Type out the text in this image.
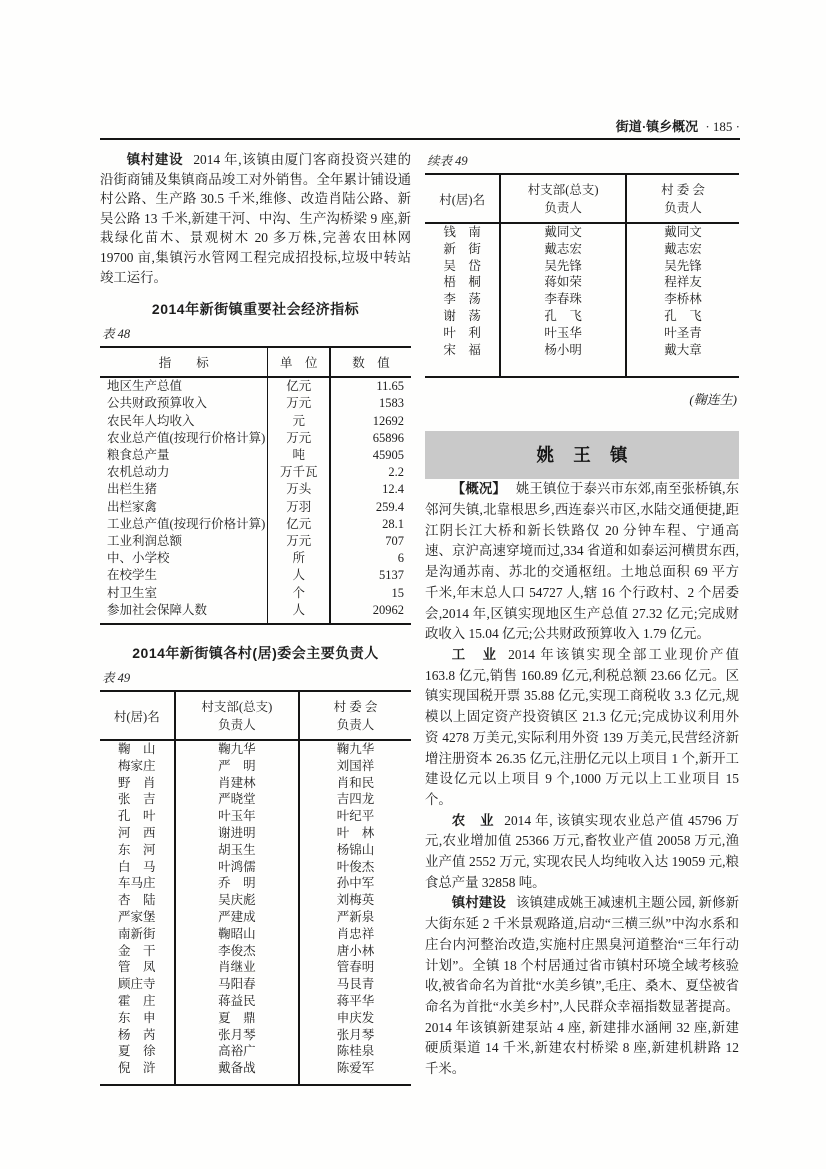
街道·镇乡概况 · 185 ·

镇村建设 2014 年,该镇由厦门客商投资兴建的沿街商铺及集镇商品竣工对外销售。全年累计铺设通村公路、生产路 30.5 千米,维修、改造肖陆公路、新吴公路 13 千米,新建干河、中沟、生产沟桥梁 9 座,新栽绿化苗木、景观树木 20 多万株,完善农田林网 19700 亩,集镇污水管网工程完成招投标,垃圾中转站竣工运行。

2014年新街镇重要社会经济指标
表 48
指　　标	单　位	数　值
地区生产总值	亿元	11.65
公共财政预算收入	万元	1583
农民年人均收入	元	12692
农业总产值(按现行价格计算)	万元	65896
粮食总产量	吨	45905
农机总动力	万千瓦	2.2
出栏生猪	万头	12.4
出栏家禽	万羽	259.4
工业总产值(按现行价格计算)	亿元	28.1
工业利润总额	万元	707
中、小学校	所	6
在校学生	人	5137
村卫生室	个	15
参加社会保障人数	人	20962
2014年新街镇各村(居)委会主要负责人
表 49
村(居)名	
村支部(总支)
负责人

村 委 会
负责人

鞠　山	鞠九华	鞠九华
梅家庄	严　明	刘国祥
野　肖	肖建林	肖和民
张　吉	严晓堂	吉四龙
孔　叶	叶玉年	叶纪平
河　西	谢进明	叶　林
东　河	胡玉生	杨锦山
白　马	叶鸿儒	叶俊杰
车马庄	乔　明	孙中军
杏　陆	吴庆彪	刘梅英
严家堡	严建成	严新泉
南新街	鞠昭山	肖忠祥
金　干	李俊杰	唐小林
管　凤	肖继业	管春明
顾庄寺	马阳春	马艮青
霍　庄	蒋益民	蒋平华
东　申	夏　鼎	申庆发
杨　芮	张月琴	张月琴
夏　徐	高裕广	陈桂泉
倪　浒	戴备战	陈爱军
续表 49
村(居)名	
村支部(总支)
负责人

村 委 会
负责人

钱　南	戴同文	戴同文
新　街	戴志宏	戴志宏
吴　岱	吴先锋	吴先锋
梧　桐	蒋如荣	程祥友
李　荡	李春珠	李桥林
谢　荡	孔　飞	孔　飞
叶　利	叶玉华	叶圣青
宋　福	杨小明	戴大章
(鞠连生)
姚王镇

【概况】 姚王镇位于泰兴市东郊,南至张桥镇,东邻河失镇,北靠根思乡,西连泰兴市区,水陆交通便捷,距江阴长江大桥和新长铁路仅 20 分钟车程、宁通高速、京沪高速穿境而过,334 省道和如泰运河横贯东西,是沟通苏南、苏北的交通枢纽。土地总面积 69 平方千米,年末总人口 54727 人,辖 16 个行政村、2 个居委会,2014 年,区镇实现地区生产总值 27.32 亿元;完成财政收入 15.04 亿元;公共财政预算收入 1.79 亿元。

工　业 2014 年该镇实现全部工业现价产值 163.8 亿元,销售 160.89 亿元,利税总额 23.66 亿元。区镇实现国税开票 35.88 亿元,实现工商税收 3.3 亿元,规模以上固定资产投资镇区 21.3 亿元;完成协议利用外资 4278 万美元,实际利用外资 139 万美元,民营经济新增注册资本 26.35 亿元,注册亿元以上项目 1 个,新开工建设亿元以上项目 9 个,1000 万元以上工业项目 15 个。

农　业 2014 年, 该镇实现农业总产值 45796 万元,农业增加值 25366 万元,畜牧业产值 20058 万元,渔业产值 2552 万元, 实现农民人均纯收入达 19059 元,粮食总产量 32858 吨。

镇村建设 该镇建成姚王减速机主题公园, 新修新大街东延 2 千米景观路道,启动“三横三纵”中沟水系和庄台内河整治改造,实施村庄黑臭河道整治“三年行动计划”。全镇 18 个村居通过省市镇村环境全域考核验收,被省命名为首批“水美乡镇”,毛庄、桑木、夏垈被省命名为首批“水美乡村”,人民群众幸福指数显著提高。2014 年该镇新建泵站 4 座, 新建排水涵闸 32 座,新建硬质渠道 14 千米,新建农村桥梁 8 座,新建机耕路 12 千米。
